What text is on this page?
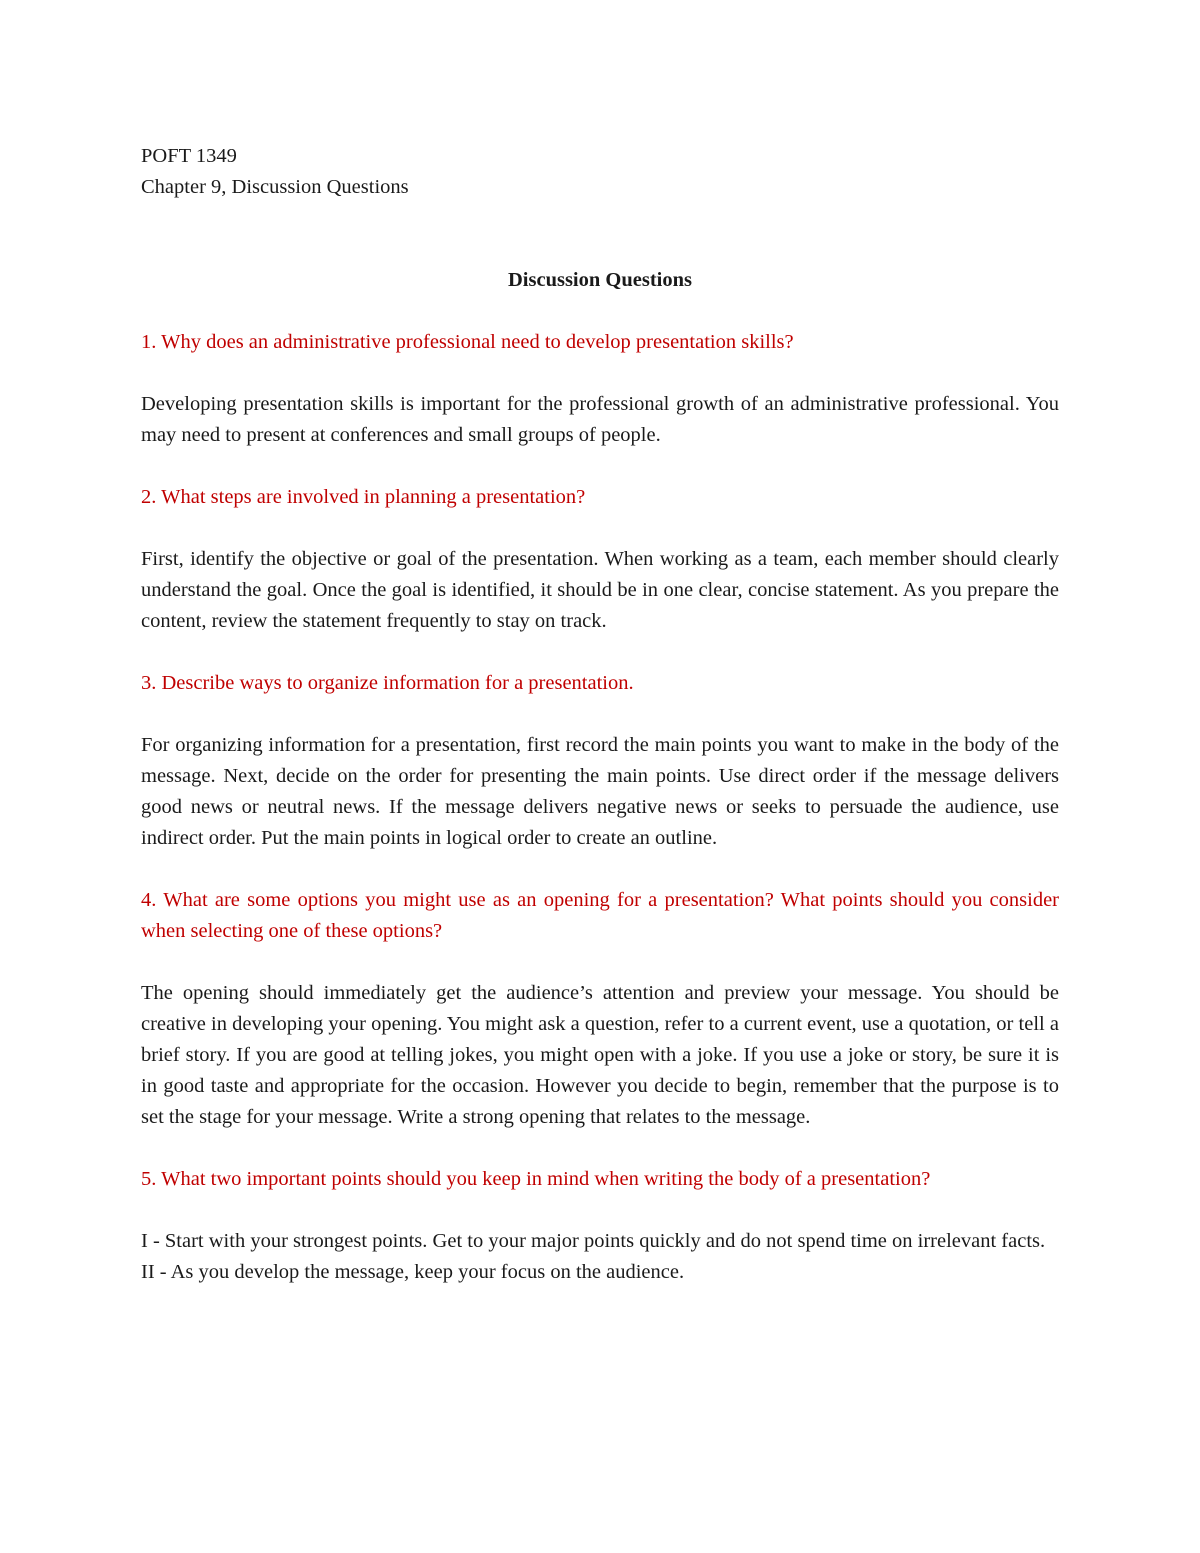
POFT 1349

Chapter 9, Discussion Questions

Discussion Questions

1. Why does an administrative professional need to develop presentation skills?

Developing presentation skills is important for the professional growth of an administrative professional. You may need to present at conferences and small groups of people.

2. What steps are involved in planning a presentation?

First, identify the objective or goal of the presentation. When working as a team, each member should clearly understand the goal. Once the goal is identified, it should be in one clear, concise statement. As you prepare the content, review the statement frequently to stay on track.

3. Describe ways to organize information for a presentation.

For organizing information for a presentation, first record the main points you want to make in the body of the message. Next, decide on the order for presenting the main points. Use direct order if the message delivers good news or neutral news. If the message delivers negative news or seeks to persuade the audience, use indirect order. Put the main points in logical order to create an outline.

4. What are some options you might use as an opening for a presentation? What points should you consider when selecting one of these options?

The opening should immediately get the audience’s attention and preview your message. You should be creative in developing your opening. You might ask a question, refer to a current event, use a quotation, or tell a brief story. If you are good at telling jokes, you might open with a joke. If you use a joke or story, be sure it is in good taste and appropriate for the occasion. However you decide to begin, remember that the purpose is to set the stage for your message. Write a strong opening that relates to the message.

5. What two important points should you keep in mind when writing the body of a presentation?

I - Start with your strongest points. Get to your major points quickly and do not spend time on irrelevant facts.

II - As you develop the message, keep your focus on the audience.
